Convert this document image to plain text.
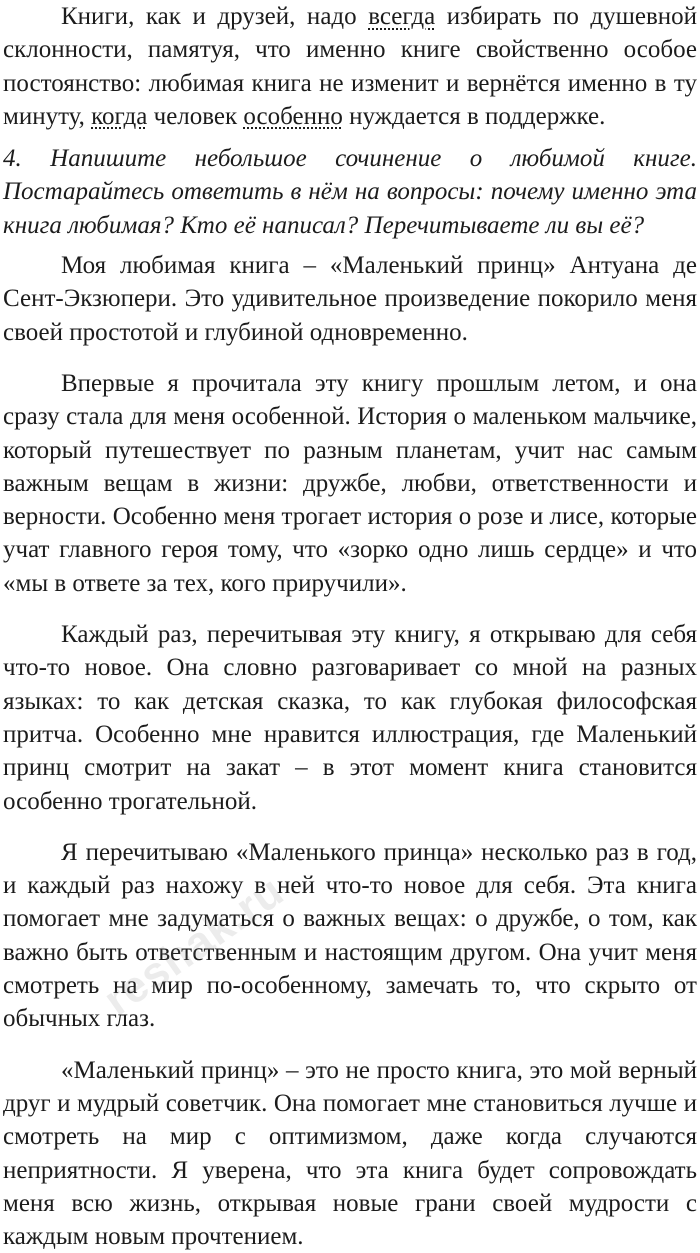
Книги, как и друзей, надо всегда избирать по душевной склонности, памятуя, что именно книге свойственно особое постоянство: любимая книга не изменит и вернётся именно в ту минуту, когда человек особенно нуждается в поддержке.

4. Напишите небольшое сочинение о любимой книге. Постарайтесь ответить в нём на вопросы: почему именно эта книга любимая? Кто её написал? Перечитываете ли вы её?

Моя любимая книга – «Маленький принц» Антуана де Сент-Экзюпери. Это удивительное произведение покорило меня своей простотой и глубиной одновременно.

Впервые я прочитала эту книгу прошлым летом, и она сразу стала для меня особенной. История о маленьком мальчике, который путешествует по разным планетам, учит нас самым важным вещам в жизни: дружбе, любви, ответственности и верности. Особенно меня трогает история о розе и лисе, которые учат главного героя тому, что «зорко одно лишь сердце» и что «мы в ответе за тех, кого приручили».

Каждый раз, перечитывая эту книгу, я открываю для себя что-то новое. Она словно разговаривает со мной на разных языках: то как детская сказка, то как глубокая философская притча. Особенно мне нравится иллюстрация, где Маленький принц смотрит на закат – в этот момент книга становится особенно трогательной.

Я перечитываю «Маленького принца» несколько раз в год, и каждый раз нахожу в ней что-то новое для себя. Эта книга помогает мне задуматься о важных вещах: о дружбе, о том, как важно быть ответственным и настоящим другом. Она учит меня смотреть на мир по-особенному, замечать то, что скрыто от обычных глаз.

«Маленький принц» – это не просто книга, это мой верный друг и мудрый советчик. Она помогает мне становиться лучше и смотреть на мир с оптимизмом, даже когда случаются неприятности. Я уверена, что эта книга будет сопровождать меня всю жизнь, открывая новые грани своей мудрости с каждым новым прочтением.

reshak.ru
